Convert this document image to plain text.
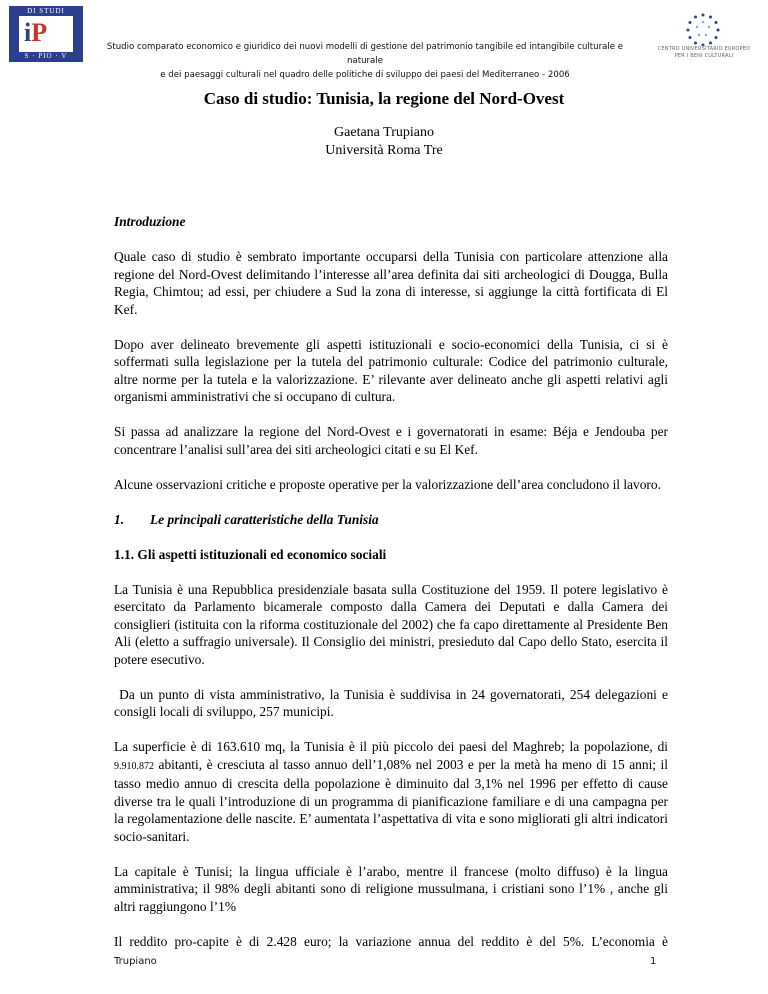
DI STUDI
iP
S · PIO · V
Studio comparato economico e giuridico dei nuovi modelli di gestione del patrimonio tangibile ed intangibile culturale e naturale
e dei paesaggi culturali nel quadro delle politiche di sviluppo dei paesi del Mediterraneo - 2006
CENTRO UNIVERSITARIO EUROPEO
PER I BENI CULTURALI
Caso di studio: Tunisia, la regione del Nord-Ovest
Gaetana Trupiano
Università Roma Tre

Introduzione

Quale caso di studio è sembrato importante occuparsi della Tunisia con particolare attenzione alla regione del Nord-Ovest delimitando l’interesse all’area definita dai siti archeologici di Dougga, Bulla Regia, Chimtou; ad essi, per chiudere a Sud la zona di interesse, si aggiunge la città fortificata di El Kef.

Dopo aver delineato brevemente gli aspetti istituzionali e socio-economici della Tunisia, ci si è soffermati sulla legislazione per la tutela del patrimonio culturale: Codice del patrimonio culturale, altre norme per la tutela e la valorizzazione. E’ rilevante aver delineato anche gli aspetti relativi agli organismi amministrativi che si occupano di cultura.

Si passa ad analizzare la regione del Nord-Ovest e i governatorati in esame: Béja e Jendouba per concentrare l’analisi sull’area dei siti archeologici citati e su El Kef.

Alcune osservazioni critiche e proposte operative per la valorizzazione dell’area concludono il lavoro.

1. Le principali caratteristiche della Tunisia
1.1. Gli aspetti istituzionali ed economico sociali

La Tunisia è una Repubblica presidenziale basata sulla Costituzione del 1959. Il potere legislativo è esercitato da Parlamento bicamerale composto dalla Camera dei Deputati e dalla Camera dei consiglieri (istituita con la riforma costituzionale del 2002) che fa capo direttamente al Presidente Ben Ali (eletto a suffragio universale). Il Consiglio dei ministri, presieduto dal Capo dello Stato, esercita il potere esecutivo.

Da un punto di vista amministrativo, la Tunisia è suddivisa in 24 governatorati, 254 delegazioni e consigli locali di sviluppo, 257 municipi.

La superficie è di 163.610 mq, la Tunisia è il più piccolo dei paesi del Maghreb; la popolazione, di 9.910.872 abitanti, è cresciuta al tasso annuo dell’1,08% nel 2003 e per la metà ha meno di 15 anni; il tasso medio annuo di crescita della popolazione è diminuito dal 3,1% nel 1996 per effetto di cause diverse tra le quali l’introduzione di un programma di pianificazione familiare e di una campagna per la regolamentazione delle nascite. E’ aumentata l’aspettativa di vita e sono migliorati gli altri indicatori socio-sanitari.

La capitale è Tunisi; la lingua ufficiale è l’arabo, mentre il francese (molto diffuso) è la lingua amministrativa; il 98% degli abitanti sono di religione mussulmana, i cristiani sono l’1% , anche gli altri raggiungono l’1%

Il reddito pro-capite è di 2.428 euro; la variazione annua del reddito è del 5%. L’economia è

Trupiano	1
